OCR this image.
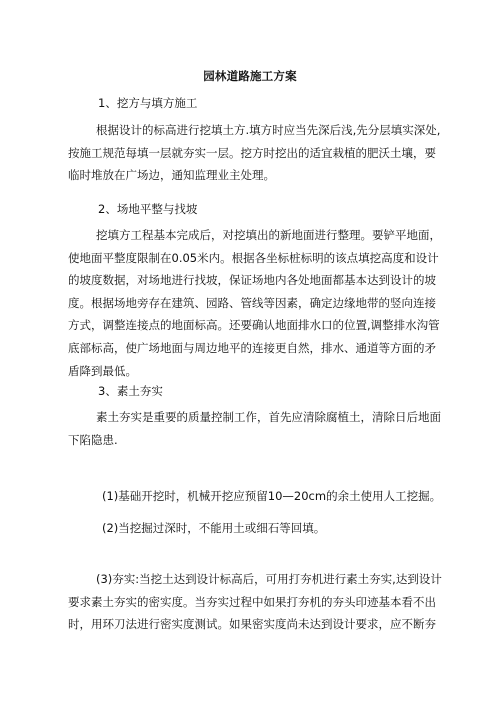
园林道路施工方案
1、挖方与填方施工
根据设计的标高进行挖填土方.填方时应当先深后浅,先分层填实深处,
按施工规范每填一层就夯实一层。挖方时挖出的适宜栽植的肥沃土壤，要
临时堆放在广场边，通知监理业主处理。
2、场地平整与找坡
挖填方工程基本完成后，对挖填出的新地面进行整理。要铲平地面，
使地面平整度限制在0.05米内。根据各坐标桩标明的该点填挖高度和设计
的坡度数据，对场地进行找坡，保证场地内各处地面都基本达到设计的坡
度。根据场地旁存在建筑、园路、管线等因素，确定边缘地带的竖向连接
方式，调整连接点的地面标高。还要确认地面排水口的位置,调整排水沟管
底部标高，使广场地面与周边地平的连接更自然，排水、通道等方面的矛
盾降到最低。
3、素土夯实
素土夯实是重要的质量控制工作，首先应清除腐植土，清除日后地面
下陷隐患.
(1)基础开挖时，机械开挖应预留10—20cm的余土使用人工挖掘。
(2)当挖掘过深时，不能用土或细石等回填。
(3)夯实:当挖土达到设计标高后，可用打夯机进行素土夯实,达到设计
要求素土夯实的密实度。当夯实过程中如果打夯机的夯头印迹基本看不出
时，用环刀法进行密实度测试。如果密实度尚未达到设计要求，应不断夯
